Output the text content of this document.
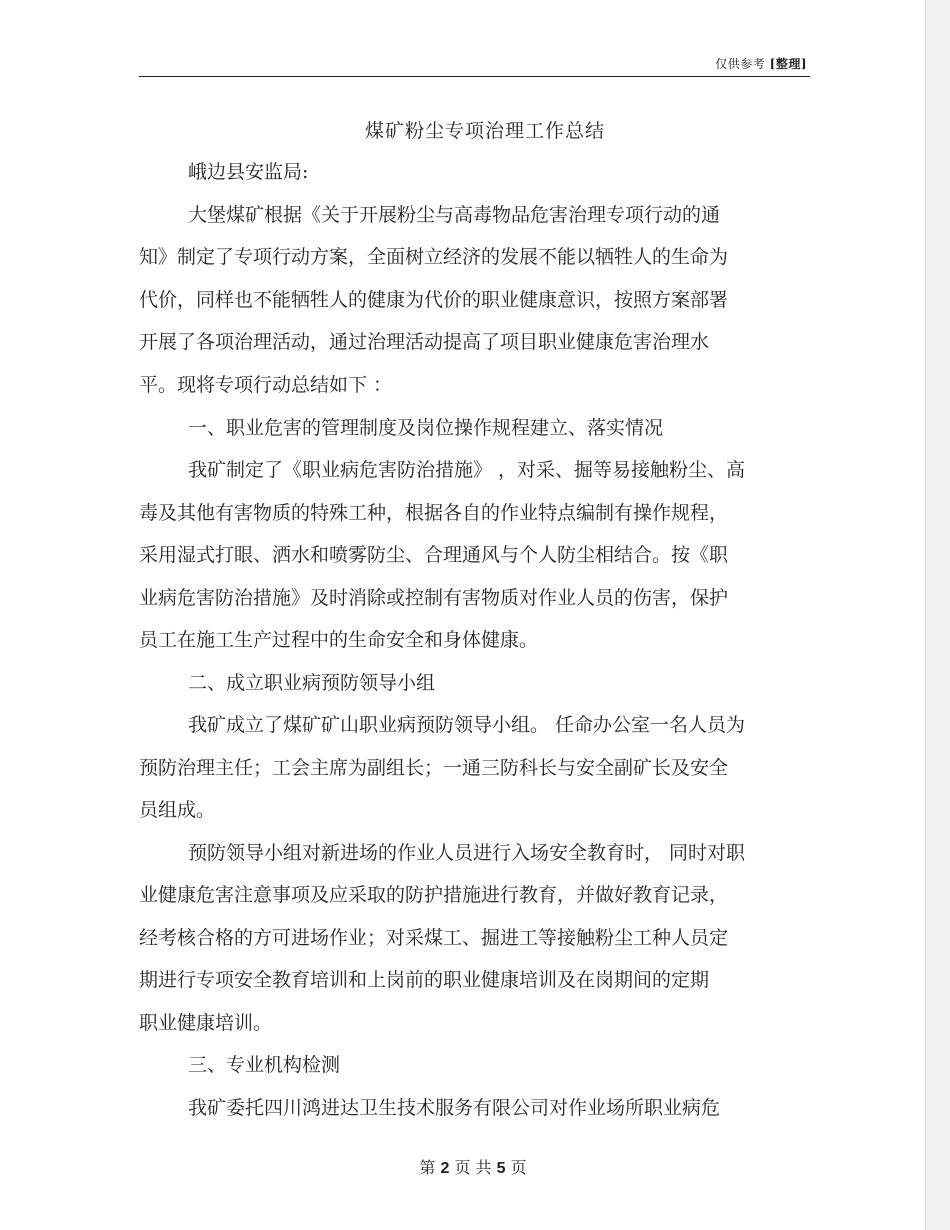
仅供参考 [整理]
煤矿粉尘专项治理工作总结
峨边县安监局:
大堡煤矿根据《关于开展粉尘与高毒物品危害治理专项行动的通
知》制定了专项行动方案，全面树立经济的发展不能以牺牲人的生命为
代价，同样也不能牺牲人的健康为代价的职业健康意识，按照方案部署
开展了各项治理活动，通过治理活动提高了项目职业健康危害治理水
平。现将专项行动总结如下 ：
一、职业危害的管理制度及岗位操作规程建立、落实情况
我矿制定了《职业病危害防治措施》 ，对采、掘等易接触粉尘、高
毒及其他有害物质的特殊工种，根据各自的作业特点编制有操作规程，
采用湿式打眼、洒水和喷雾防尘、合理通风与个人防尘相结合。按《职
业病危害防治措施》及时消除或控制有害物质对作业人员的伤害，保护
员工在施工生产过程中的生命安全和身体健康。
二、成立职业病预防领导小组
我矿成立了煤矿矿山职业病预防领导小组。 任命办公室一名人员为
预防治理主任；工会主席为副组长；一通三防科长与安全副矿长及安全
员组成。
预防领导小组对新进场的作业人员进行入场安全教育时， 同时对职
业健康危害注意事项及应采取的防护措施进行教育，并做好教育记录，
经考核合格的方可进场作业；对采煤工、掘进工等接触粉尘工种人员定
期进行专项安全教育培训和上岗前的职业健康培训及在岗期间的定期
职业健康培训。
三、专业机构检测
我矿委托四川鸿进达卫生技术服务有限公司对作业场所职业病危
第 2 页 共 5 页
